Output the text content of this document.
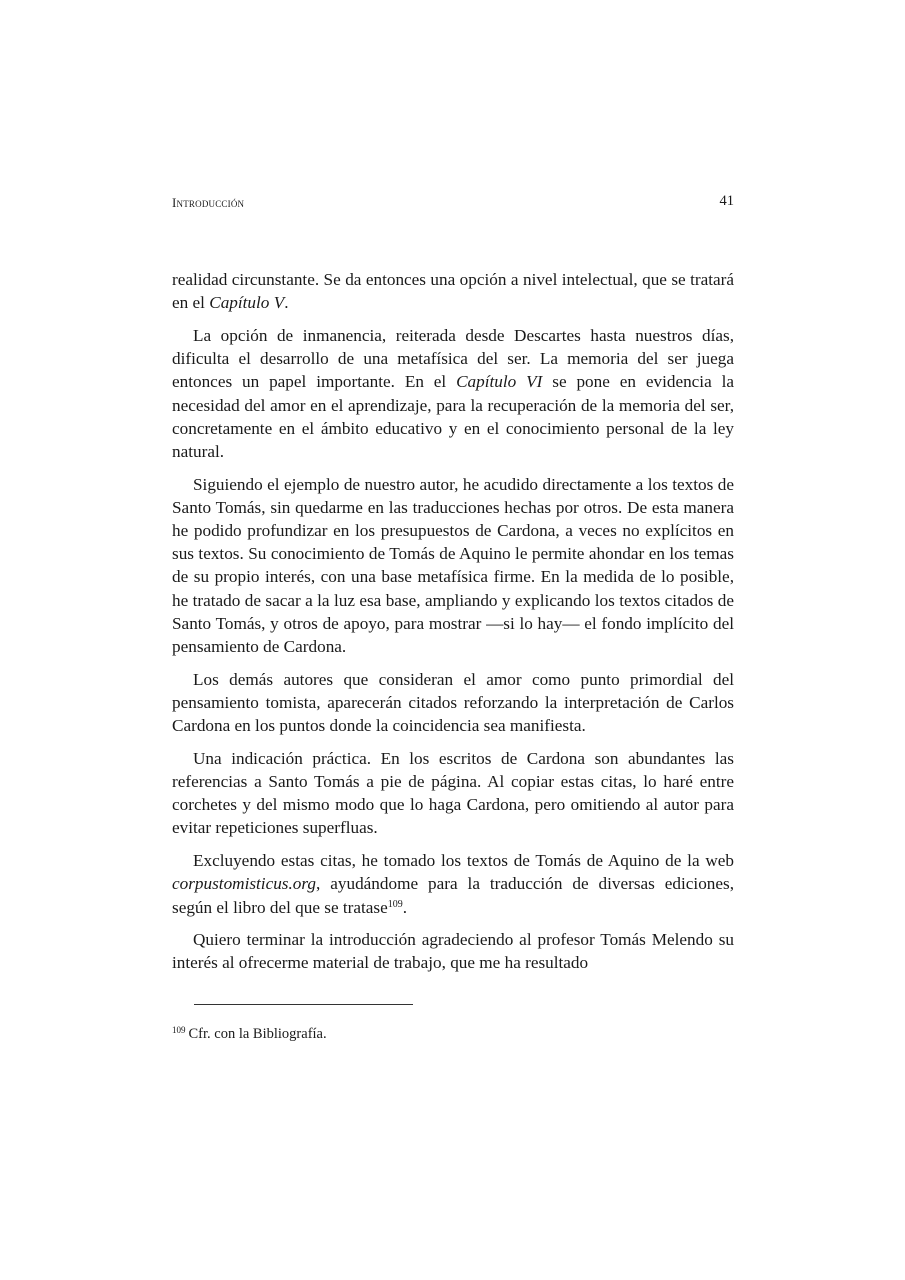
Introducción	41

realidad circunstante. Se da entonces una opción a nivel intelectual, que se tratará en el Capítulo V.

La opción de inmanencia, reiterada desde Descartes hasta nuestros días, dificulta el desarrollo de una metafísica del ser. La memoria del ser juega entonces un papel importante. En el Capítulo VI se pone en evidencia la necesidad del amor en el aprendizaje, para la recuperación de la memoria del ser, concretamente en el ámbito educativo y en el conocimiento personal de la ley natural.

Siguiendo el ejemplo de nuestro autor, he acudido directamente a los textos de Santo Tomás, sin quedarme en las traducciones hechas por otros. De esta manera he podido profundizar en los presupuestos de Cardona, a veces no explícitos en sus textos. Su conocimiento de Tomás de Aquino le permite ahondar en los temas de su propio interés, con una base metafísica firme. En la medida de lo posible, he tratado de sacar a la luz esa base, ampliando y explicando los textos citados de Santo Tomás, y otros de apoyo, para mostrar —si lo hay— el fondo implícito del pensamiento de Cardona.

Los demás autores que consideran el amor como punto primordial del pensamiento tomista, aparecerán citados reforzando la interpretación de Carlos Cardona en los puntos donde la coincidencia sea manifiesta.

Una indicación práctica. En los escritos de Cardona son abundantes las referencias a Santo Tomás a pie de página. Al copiar estas citas, lo haré entre corchetes y del mismo modo que lo haga Cardona, pero omitiendo al autor para evitar repeticiones superfluas.

Excluyendo estas citas, he tomado los textos de Tomás de Aquino de la web corpustomisticus.org, ayudándome para la traducción de diversas ediciones, según el libro del que se tratase$^{109}$.

Quiero terminar la introducción agradeciendo al profesor Tomás Melendo su interés al ofrecerme material de trabajo, que me ha resultado

$^{109}$ Cfr. con la Bibliografía.
